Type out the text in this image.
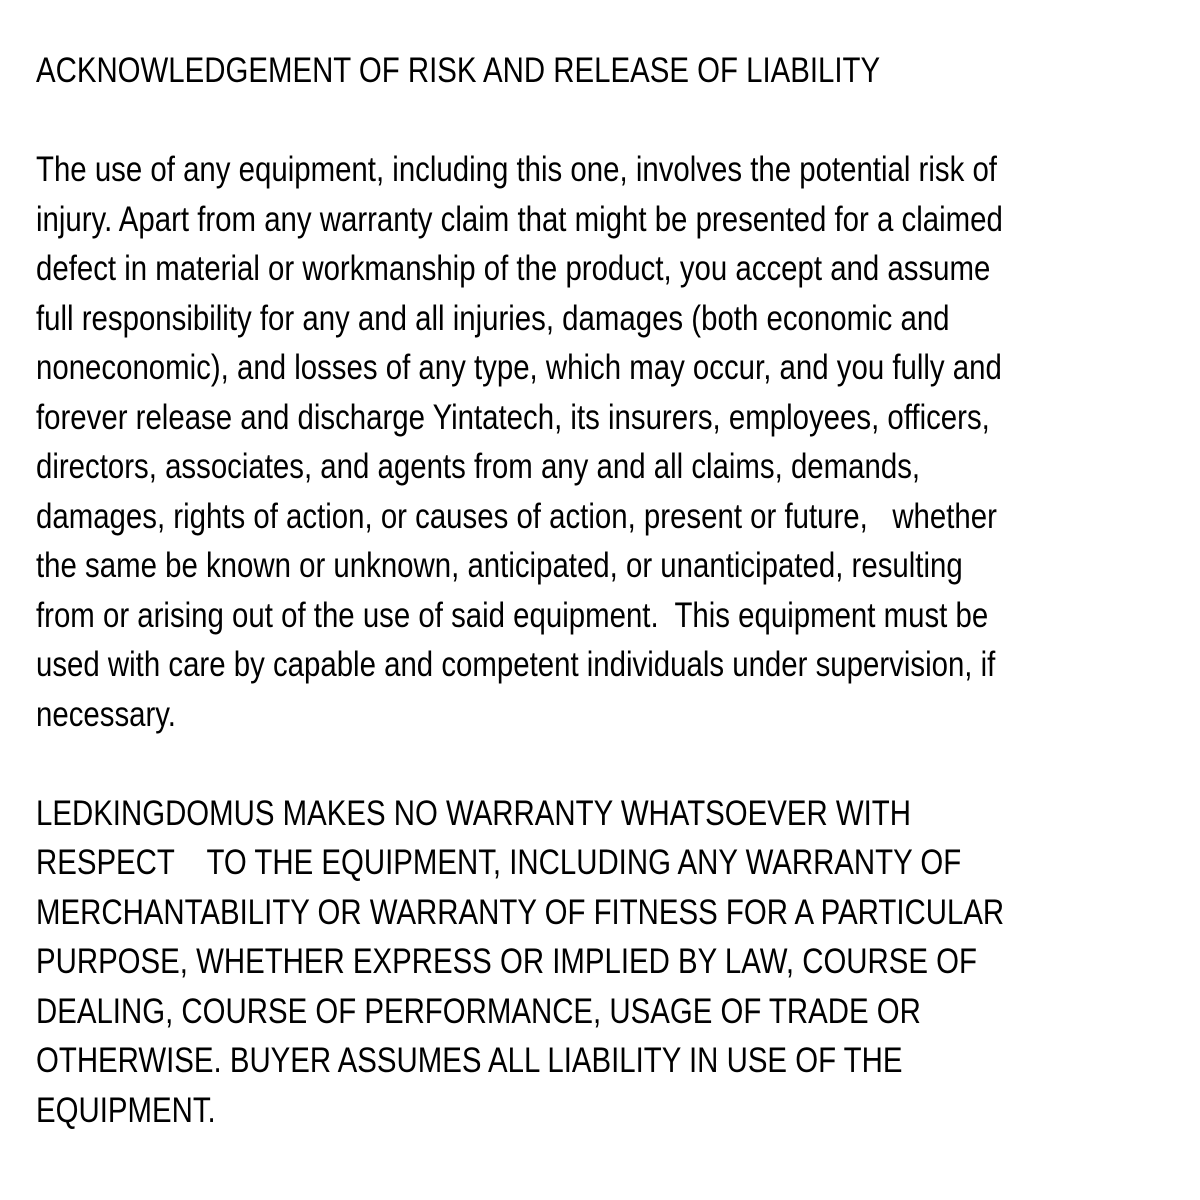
ACKNOWLEDGEMENT OF RISK AND RELEASE OF LIABILITY
The use of any equipment, including this one, involves the potential risk of
injury. Apart from any warranty claim that might be presented for a claimed
defect in material or workmanship of the product, you accept and assume
full responsibility for any and all injuries, damages (both economic and
noneconomic), and losses of any type, which may occur, and you fully and
forever release and discharge Yintatech, its insurers, employees, officers,
directors, associates, and agents from any and all claims, demands,
damages, rights of action, or causes of action, present or future,   whether
the same be known or unknown, anticipated, or unanticipated, resulting
from or arising out of the use of said equipment.  This equipment must be
used with care by capable and competent individuals under supervision, if
necessary.
LEDKINGDOMUS MAKES NO WARRANTY WHATSOEVER WITH
RESPECT    TO THE EQUIPMENT, INCLUDING ANY WARRANTY OF
MERCHANTABILITY OR WARRANTY OF FITNESS FOR A PARTICULAR
PURPOSE, WHETHER EXPRESS OR IMPLIED BY LAW, COURSE OF
DEALING, COURSE OF PERFORMANCE, USAGE OF TRADE OR
OTHERWISE. BUYER ASSUMES ALL LIABILITY IN USE OF THE
EQUIPMENT.
